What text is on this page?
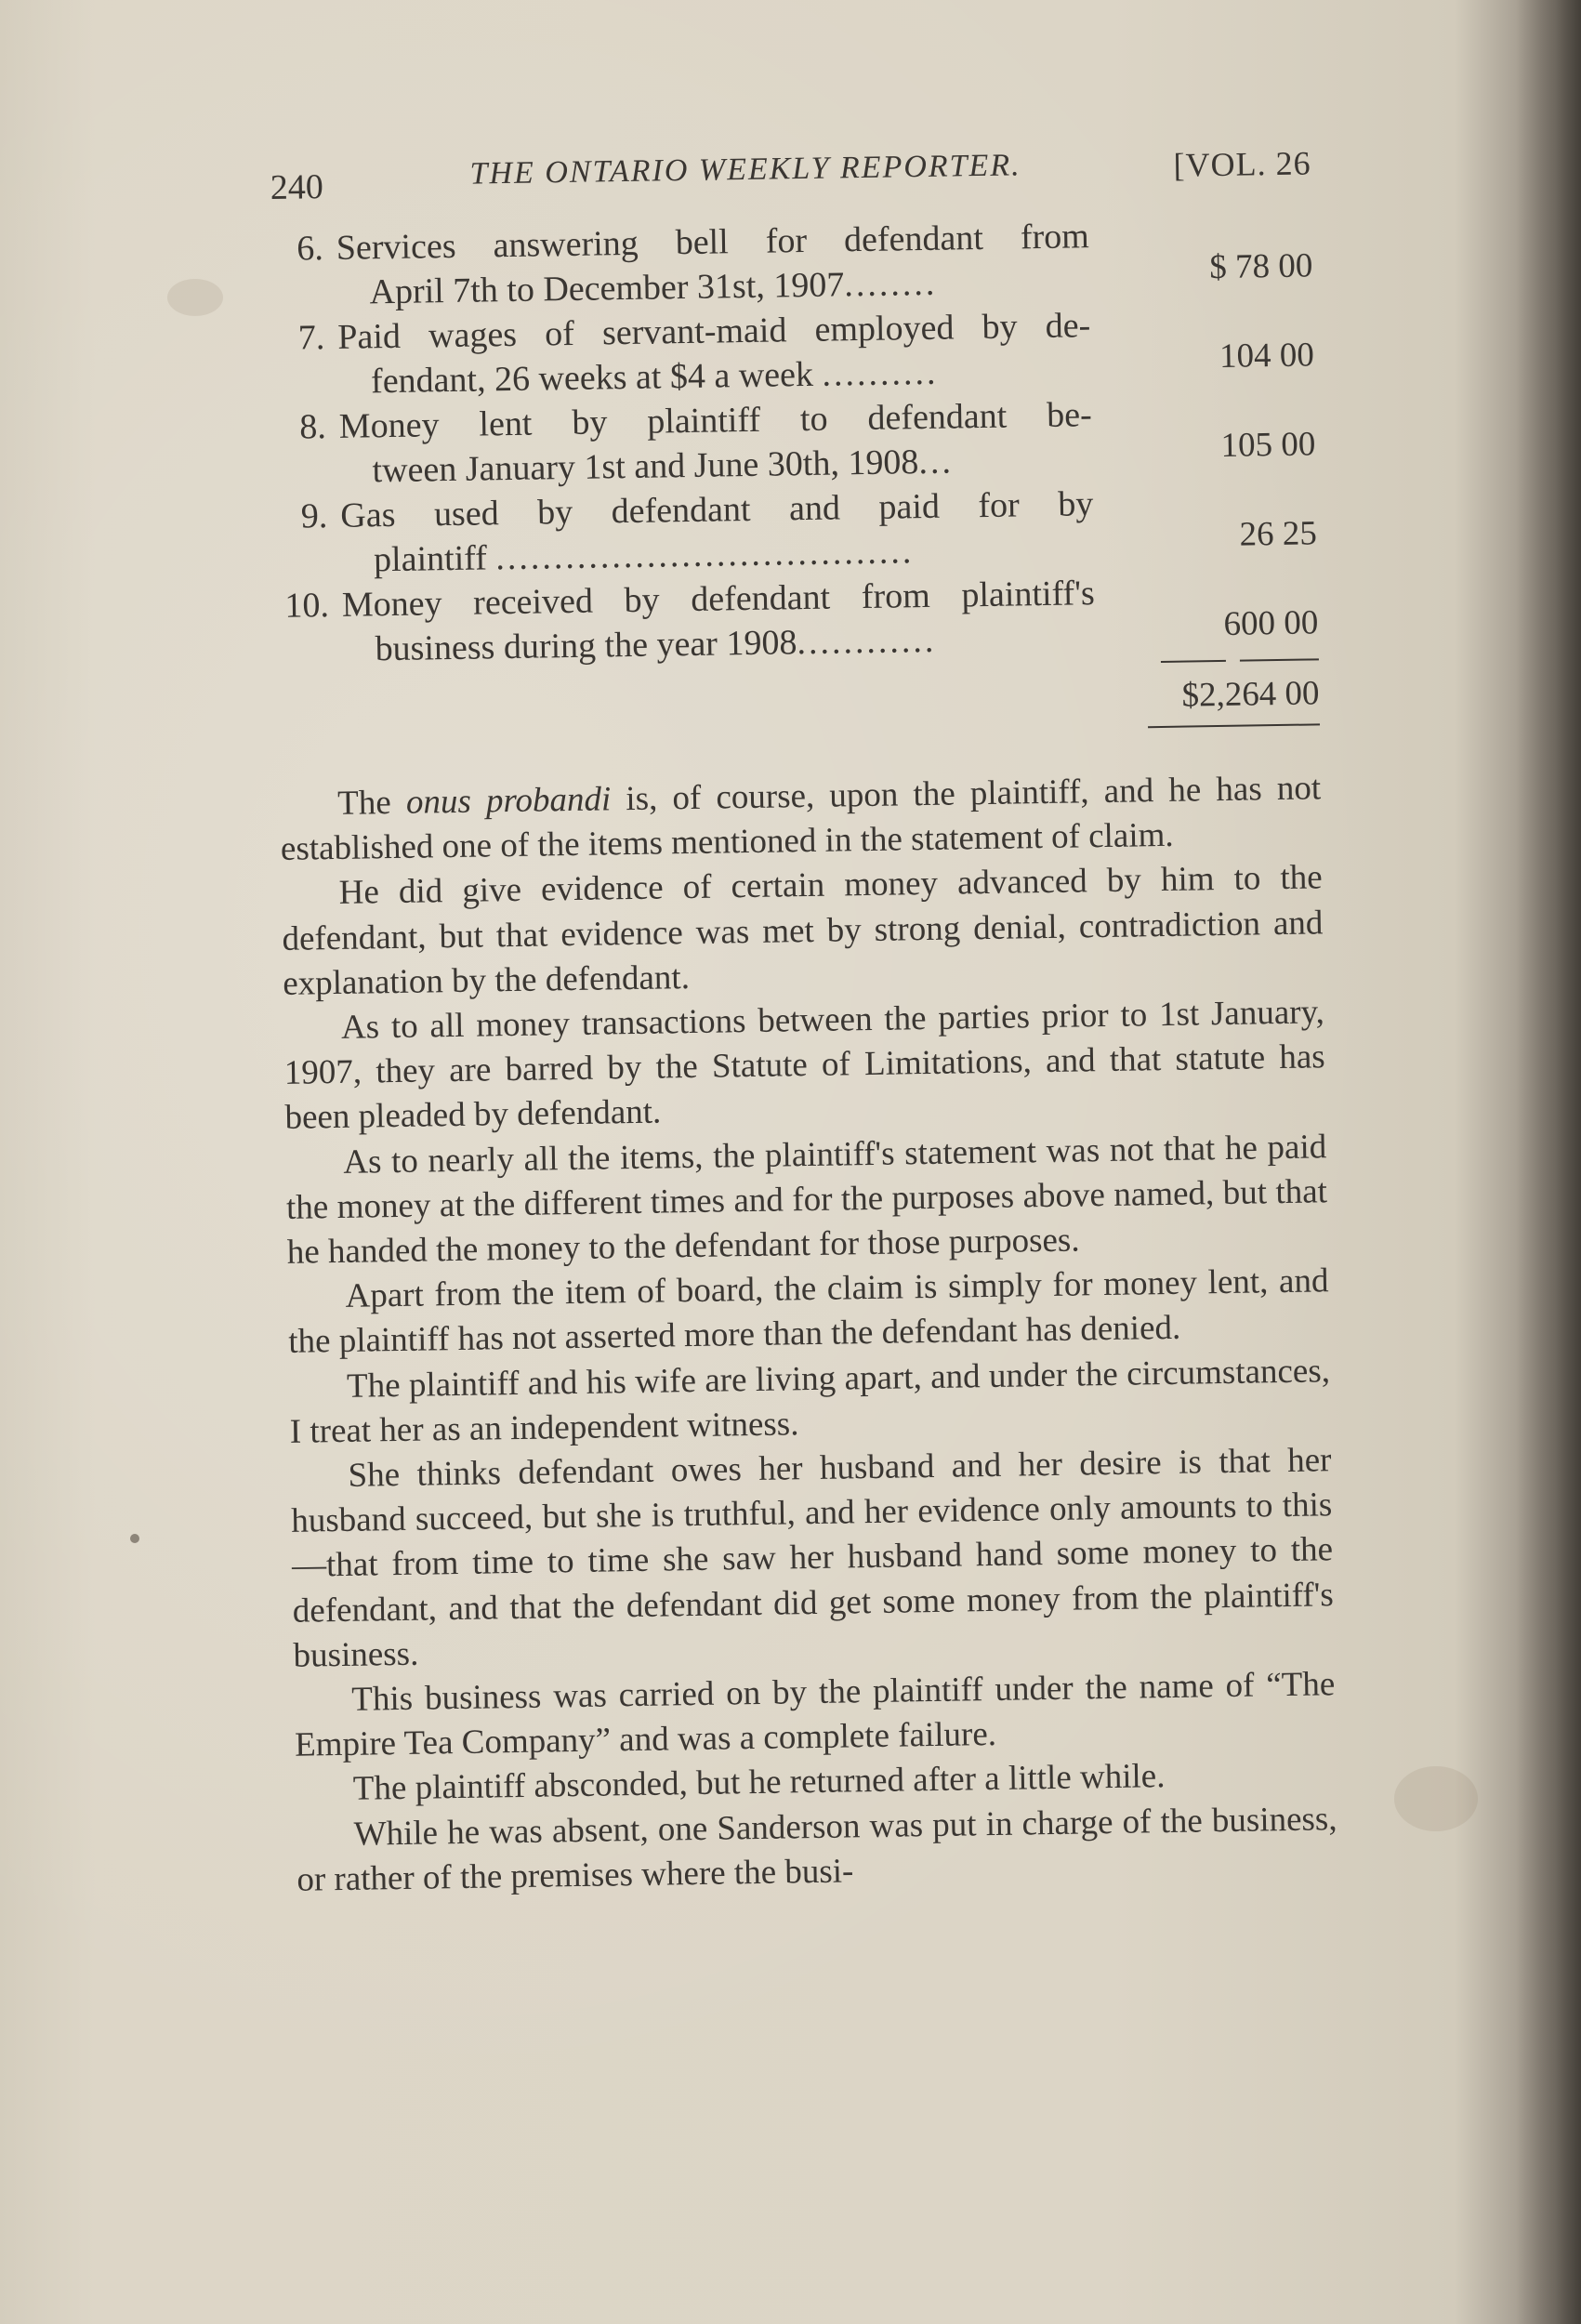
240	THE ONTARIO WEEKLY REPORTER.	[VOL. 26
6. Services answering bell for defendant from
April 7th to December 31st, 1907........	$ 78 00
7. Paid wages of servant-maid employed by de-
fendant, 26 weeks at $4 a week ..........	104 00
8. Money lent by plaintiff to defendant be-
tween January 1st and June 30th, 1908...	105 00
9. Gas used by defendant and paid for by
plaintiff ....................................	26 25
10. Money received by defendant from plaintiff's
business during the year 1908............	600 00
$2,264 00

The onus probandi is, of course, upon the plaintiff, and he has not established one of the items mentioned in the statement of claim.

He did give evidence of certain money advanced by him to the defendant, but that evidence was met by strong denial, contradiction and explanation by the defendant.

As to all money transactions between the parties prior to 1st January, 1907, they are barred by the Statute of Limitations, and that statute has been pleaded by defendant.

As to nearly all the items, the plaintiff's statement was not that he paid the money at the different times and for the purposes above named, but that he handed the money to the defendant for those purposes.

Apart from the item of board, the claim is simply for money lent, and the plaintiff has not asserted more than the defendant has denied.

The plaintiff and his wife are living apart, and under the circumstances, I treat her as an independent witness.

She thinks defendant owes her husband and her desire is that her husband succeed, but she is truthful, and her evidence only amounts to this—that from time to time she saw her husband hand some money to the defendant, and that the defendant did get some money from the plaintiff's business.

This business was carried on by the plaintiff under the name of “The Empire Tea Company” and was a complete failure.

The plaintiff absconded, but he returned after a little while.

While he was absent, one Sanderson was put in charge of the business, or rather of the premises where the busi-
